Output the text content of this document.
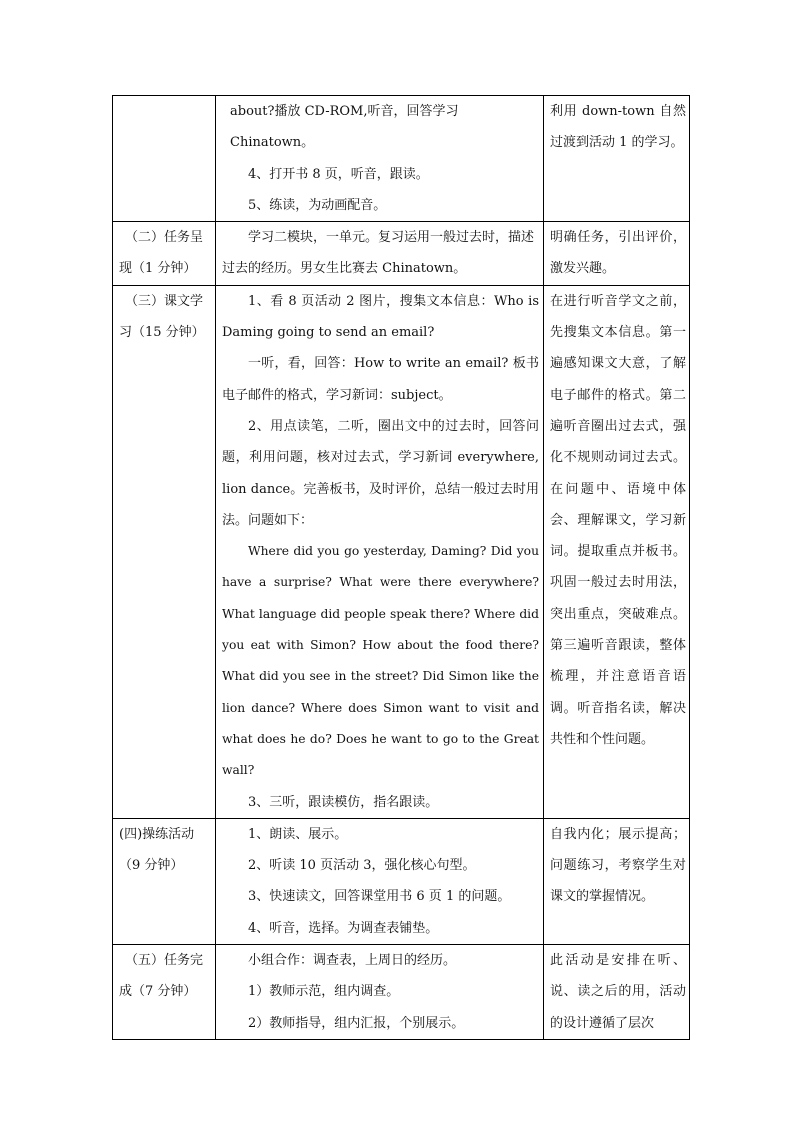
	about?播放 CD-ROM,听音，回答学习 Chinatown。

4、打开书 8 页，听音，跟读。

5、练读，为动画配音。	利用 down-town 自然过渡到活动 1 的学习。

（二）任务呈现（1 分钟）	学习二模块，一单元。复习运用一般过去时，描述过去的经历。男女生比赛去 Chinatown。	明确任务，引出评价，激发兴趣。

（三）课文学习（15 分钟）	1、看 8 页活动 2 图片，搜集文本信息：Who is Daming going to send an email?

一听，看，回答：How to write an email? 板书电子邮件的格式，学习新词：subject。

2、用点读笔，二听，圈出文中的过去时，回答问题，利用问题，核对过去式，学习新词 everywhere, lion dance。完善板书，及时评价，总结一般过去时用法。问题如下：

Where did you go yesterday, Daming? Did you have a surprise? What were there everywhere? What language did people speak there? Where did you eat with Simon? How about the food there? What did you see in the street? Did Simon like the lion dance? Where does Simon want to visit and what does he do? Does he want to go to the Great wall?

3、三听，跟读模仿，指名跟读。	在进行听音学文之前，先搜集文本信息。第一遍感知课文大意，了解电子邮件的格式。第二遍听音圈出过去式，强化不规则动词过去式。在问题中、语境中体会、理解课文，学习新词。提取重点并板书。巩固一般过去时用法，突出重点，突破难点。第三遍听音跟读，整体梳理，并注意语音语调。听音指名读，解决共性和个性问题。

(四)操练活动（9 分钟）	1、朗读、展示。

2、听读 10 页活动 3，强化核心句型。

3、快速读文，回答课堂用书 6 页 1 的问题。

4、听音，选择。为调查表铺垫。	自我内化；展示提高；问题练习，考察学生对课文的掌握情况。

（五）任务完成（7 分钟）	小组合作：调查表，上周日的经历。

1）教师示范，组内调查。

2）教师指导，组内汇报，个别展示。	此活动是安排在听、说、读之后的用，活动的设计遵循了层次
